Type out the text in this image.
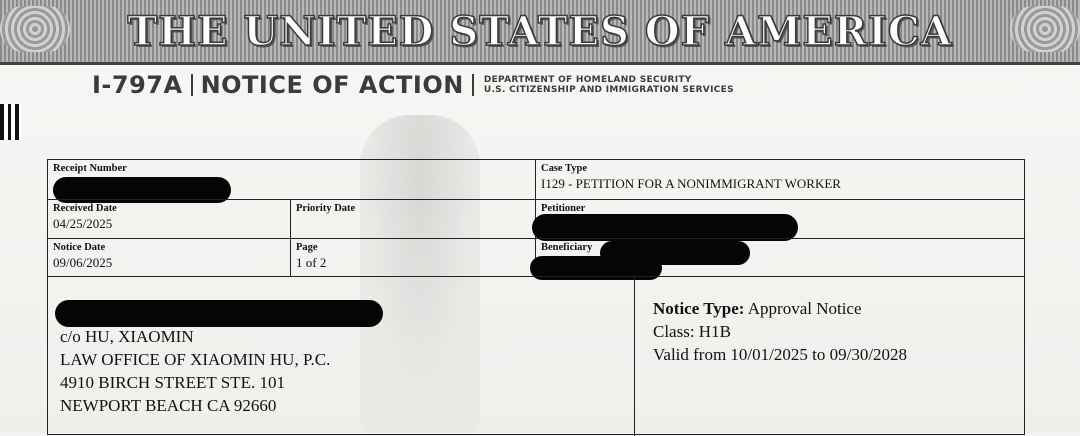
THE UNITED STATES OF AMERICA
I-797A NOTICE OF ACTION DEPARTMENT OF HOMELAND SECURITY
U.S. CITIZENSHIP AND IMMIGRATION SERVICES
Receipt Number	Case Type
I129 - PETITION FOR A NONIMMIGRANT WORKER
Received Date
04/25/2025
Priority Date	Petitioner
Notice Date
09/06/2025
Page
1 of 2
Beneficiary
c/o HU, XIAOMIN
LAW OFFICE OF XIAOMIN HU, P.C.
4910 BIRCH STREET STE. 101
NEWPORT BEACH CA 92660
Notice Type: Approval Notice
Class: H1B
Valid from 10/01/2025 to 09/30/2028
